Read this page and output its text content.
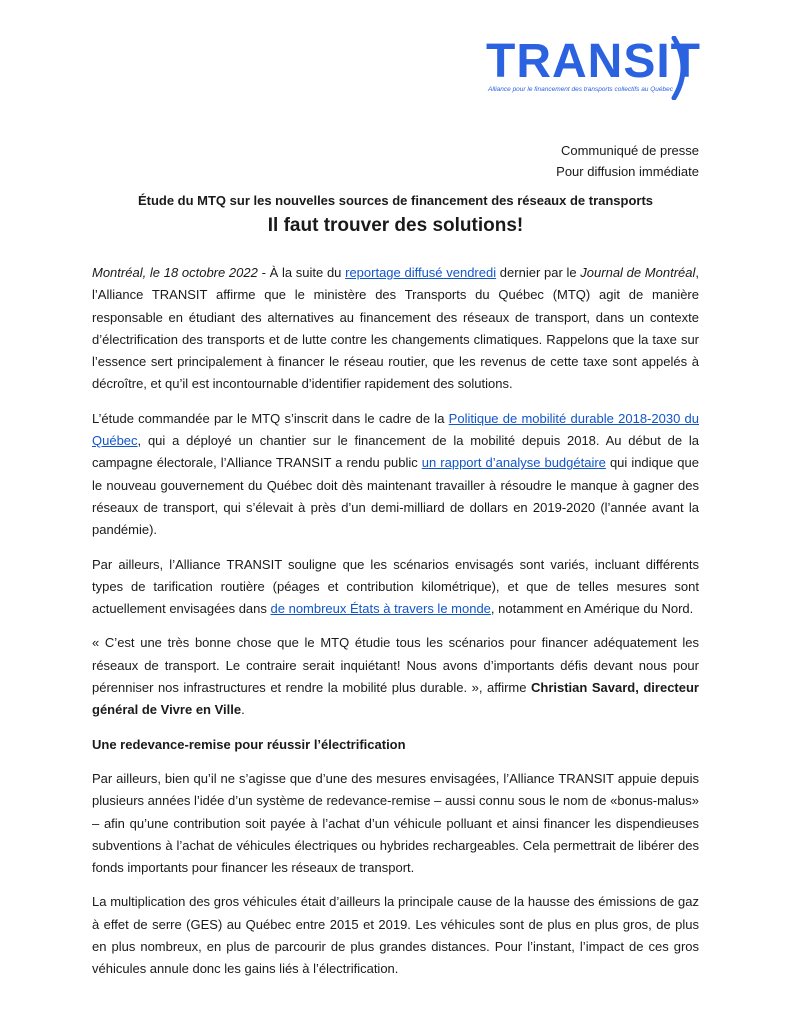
TRANSIT
Alliance pour le financement des transports collectifs au Québec
Communiqué de presse
Pour diffusion immédiate
Étude du MTQ sur les nouvelles sources de financement des réseaux de transports
Il faut trouver des solutions!

Montréal, le 18 octobre 2022 - À la suite du reportage diffusé vendredi dernier par le Journal de Montréal, l’Alliance TRANSIT affirme que le ministère des Transports du Québec (MTQ) agit de manière responsable en étudiant des alternatives au financement des réseaux de transport, dans un contexte d’électrification des transports et de lutte contre les changements climatiques. Rappelons que la taxe sur l’essence sert principalement à financer le réseau routier, que les revenus de cette taxe sont appelés à décroître, et qu’il est incontournable d’identifier rapidement des solutions.

L’étude commandée par le MTQ s’inscrit dans le cadre de la Politique de mobilité durable 2018-2030 du Québec, qui a déployé un chantier sur le financement de la mobilité depuis 2018. Au début de la campagne électorale, l’Alliance TRANSIT a rendu public un rapport d’analyse budgétaire qui indique que le nouveau gouvernement du Québec doit dès maintenant travailler à résoudre le manque à gagner des réseaux de transport, qui s’élevait à près d’un demi-milliard de dollars en 2019-2020 (l’année avant la pandémie).

Par ailleurs, l’Alliance TRANSIT souligne que les scénarios envisagés sont variés, incluant différents types de tarification routière (péages et contribution kilométrique), et que de telles mesures sont actuellement envisagées dans de nombreux États à travers le monde, notamment en Amérique du Nord.

« C’est une très bonne chose que le MTQ étudie tous les scénarios pour financer adéquatement les réseaux de transport. Le contraire serait inquiétant! Nous avons d’importants défis devant nous pour pérenniser nos infrastructures et rendre la mobilité plus durable. », affirme Christian Savard, directeur général de Vivre en Ville.

Une redevance-remise pour réussir l’électrification

Par ailleurs, bien qu’il ne s’agisse que d’une des mesures envisagées, l’Alliance TRANSIT appuie depuis plusieurs années l’idée d’un système de redevance-remise – aussi connu sous le nom de «bonus-malus» – afin qu’une contribution soit payée à l’achat d’un véhicule polluant et ainsi financer les dispendieuses subventions à l’achat de véhicules électriques ou hybrides rechargeables. Cela permettrait de libérer des fonds importants pour financer les réseaux de transport.

La multiplication des gros véhicules était d’ailleurs la principale cause de la hausse des émissions de gaz à effet de serre (GES) au Québec entre 2015 et 2019. Les véhicules sont de plus en plus gros, de plus en plus nombreux, en plus de parcourir de plus grandes distances. Pour l’instant, l’impact de ces gros véhicules annule donc les gains liés à l’électrification.
